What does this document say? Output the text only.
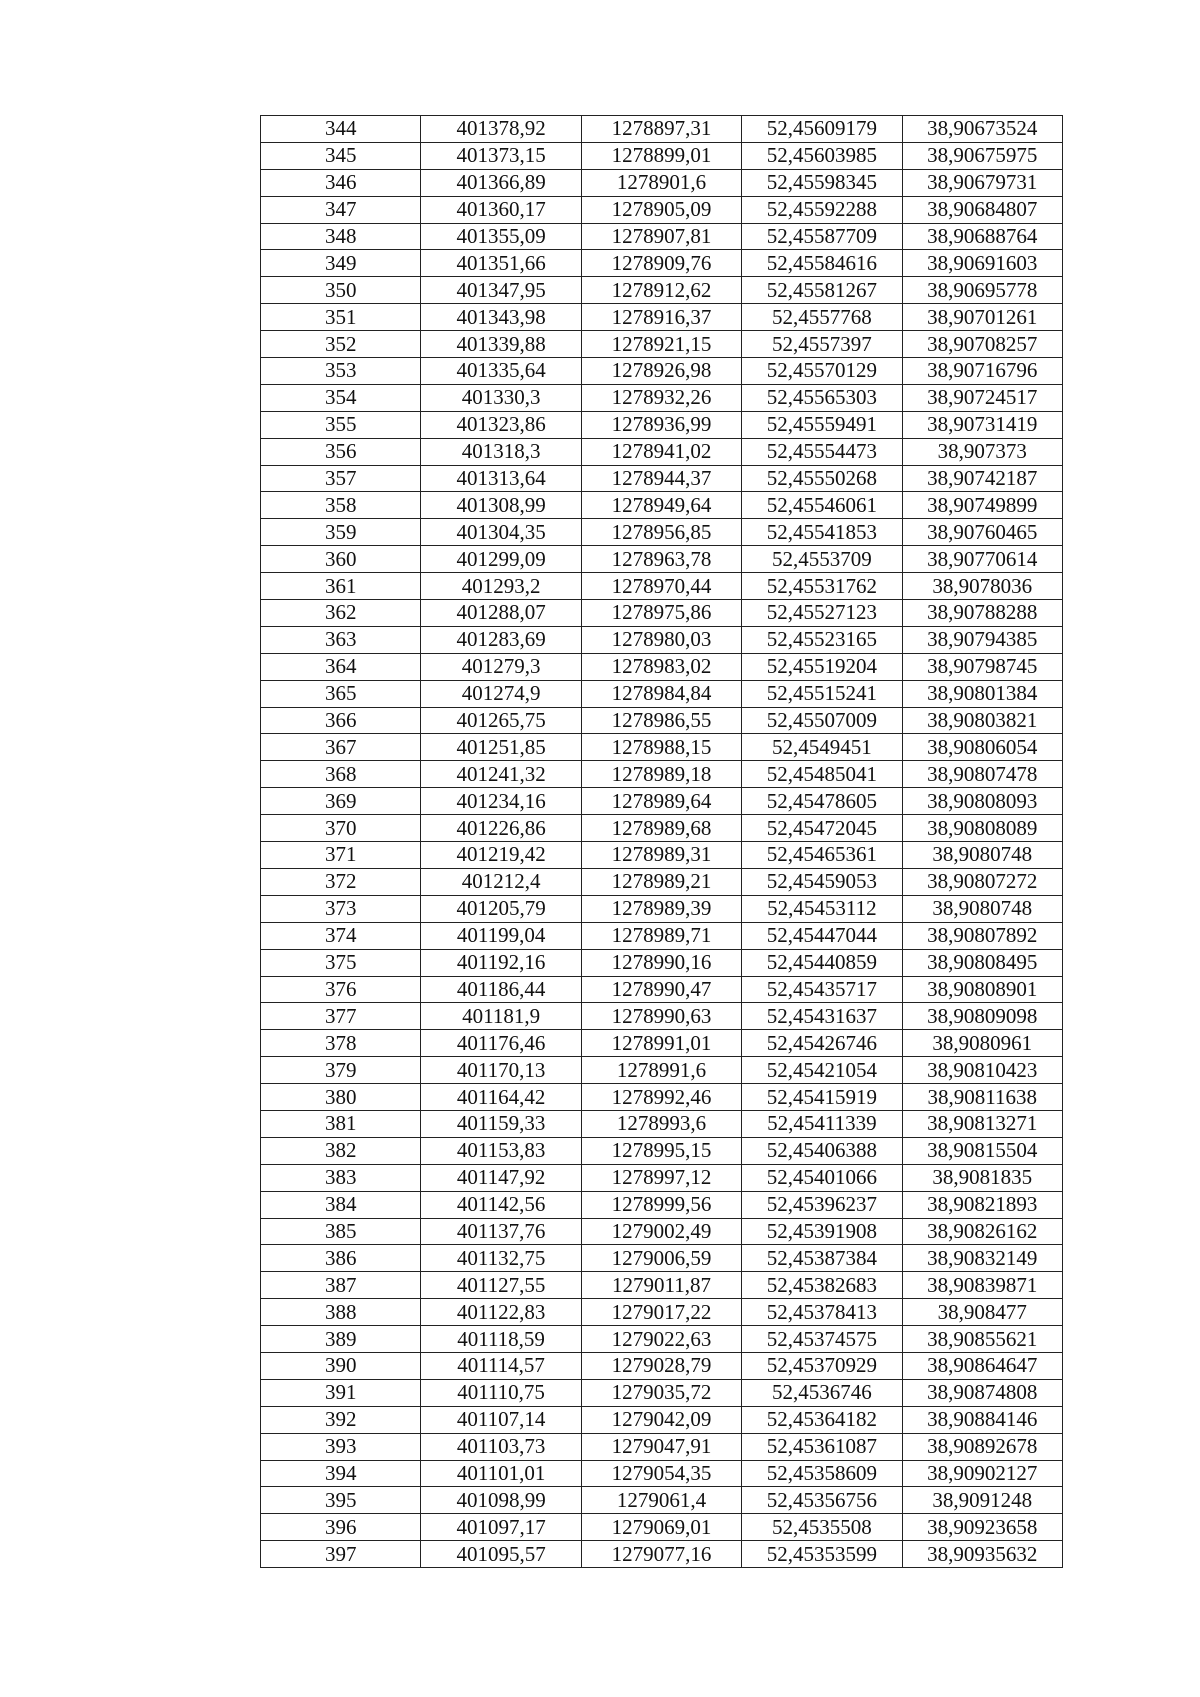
344	401378,92	1278897,31	52,45609179	38,90673524
345	401373,15	1278899,01	52,45603985	38,90675975
346	401366,89	1278901,6	52,45598345	38,90679731
347	401360,17	1278905,09	52,45592288	38,90684807
348	401355,09	1278907,81	52,45587709	38,90688764
349	401351,66	1278909,76	52,45584616	38,90691603
350	401347,95	1278912,62	52,45581267	38,90695778
351	401343,98	1278916,37	52,4557768	38,90701261
352	401339,88	1278921,15	52,4557397	38,90708257
353	401335,64	1278926,98	52,45570129	38,90716796
354	401330,3	1278932,26	52,45565303	38,90724517
355	401323,86	1278936,99	52,45559491	38,90731419
356	401318,3	1278941,02	52,45554473	38,907373
357	401313,64	1278944,37	52,45550268	38,90742187
358	401308,99	1278949,64	52,45546061	38,90749899
359	401304,35	1278956,85	52,45541853	38,90760465
360	401299,09	1278963,78	52,4553709	38,90770614
361	401293,2	1278970,44	52,45531762	38,9078036
362	401288,07	1278975,86	52,45527123	38,90788288
363	401283,69	1278980,03	52,45523165	38,90794385
364	401279,3	1278983,02	52,45519204	38,90798745
365	401274,9	1278984,84	52,45515241	38,90801384
366	401265,75	1278986,55	52,45507009	38,90803821
367	401251,85	1278988,15	52,4549451	38,90806054
368	401241,32	1278989,18	52,45485041	38,90807478
369	401234,16	1278989,64	52,45478605	38,90808093
370	401226,86	1278989,68	52,45472045	38,90808089
371	401219,42	1278989,31	52,45465361	38,9080748
372	401212,4	1278989,21	52,45459053	38,90807272
373	401205,79	1278989,39	52,45453112	38,9080748
374	401199,04	1278989,71	52,45447044	38,90807892
375	401192,16	1278990,16	52,45440859	38,90808495
376	401186,44	1278990,47	52,45435717	38,90808901
377	401181,9	1278990,63	52,45431637	38,90809098
378	401176,46	1278991,01	52,45426746	38,9080961
379	401170,13	1278991,6	52,45421054	38,90810423
380	401164,42	1278992,46	52,45415919	38,90811638
381	401159,33	1278993,6	52,45411339	38,90813271
382	401153,83	1278995,15	52,45406388	38,90815504
383	401147,92	1278997,12	52,45401066	38,9081835
384	401142,56	1278999,56	52,45396237	38,90821893
385	401137,76	1279002,49	52,45391908	38,90826162
386	401132,75	1279006,59	52,45387384	38,90832149
387	401127,55	1279011,87	52,45382683	38,90839871
388	401122,83	1279017,22	52,45378413	38,908477
389	401118,59	1279022,63	52,45374575	38,90855621
390	401114,57	1279028,79	52,45370929	38,90864647
391	401110,75	1279035,72	52,4536746	38,90874808
392	401107,14	1279042,09	52,45364182	38,90884146
393	401103,73	1279047,91	52,45361087	38,90892678
394	401101,01	1279054,35	52,45358609	38,90902127
395	401098,99	1279061,4	52,45356756	38,9091248
396	401097,17	1279069,01	52,4535508	38,90923658
397	401095,57	1279077,16	52,45353599	38,90935632
